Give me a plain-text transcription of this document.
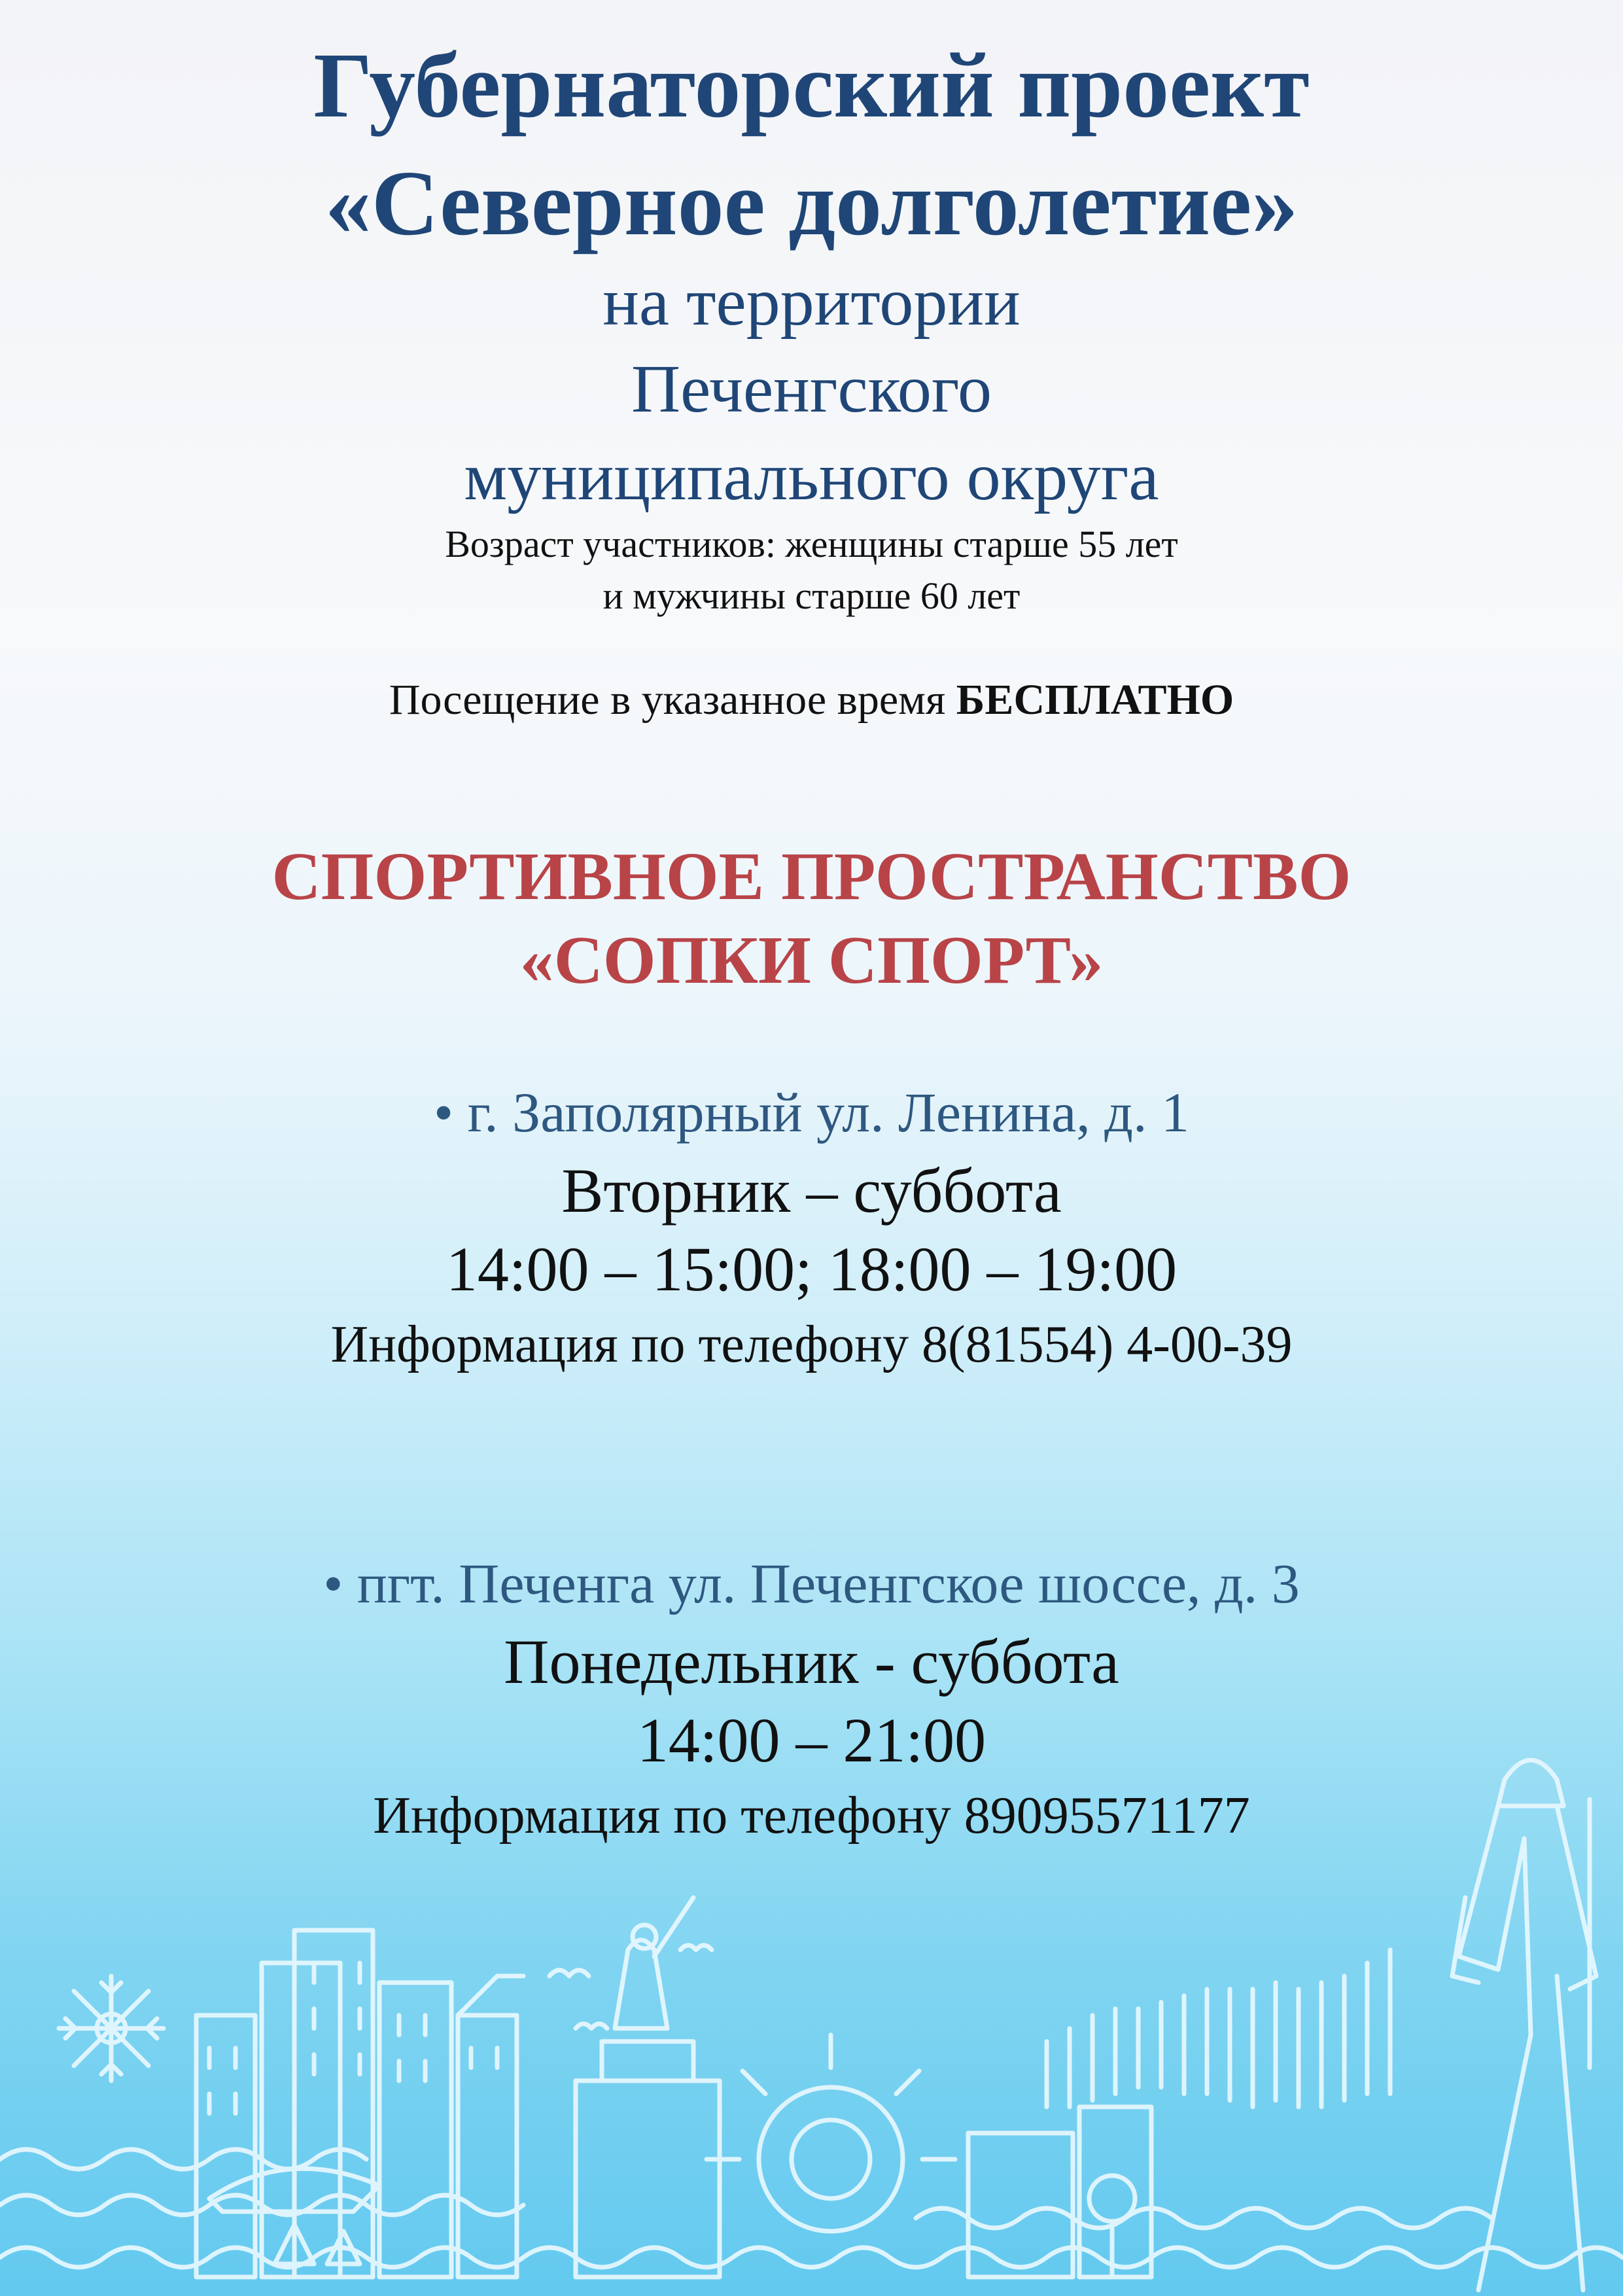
Губернаторский проект
«Северное долголетие»
на территории
Печенгского
муниципального округа
Возраст участников: женщины старше 55 лет
и мужчины старше 60 лет
Посещение в указанное время БЕСПЛАТНО
СПОРТИВНОЕ ПРОСТРАНСТВО
«СОПКИ СПОРТ»
• г. Заполярный ул. Ленина, д. 1
Вторник – суббота
14:00 – 15:00; 18:00 – 19:00
Информация по телефону 8(81554) 4-00-39
• пгт. Печенга ул. Печенгское шоссе, д. 3
Понедельник - суббота
14:00 – 21:00
Информация по телефону 89095571177
